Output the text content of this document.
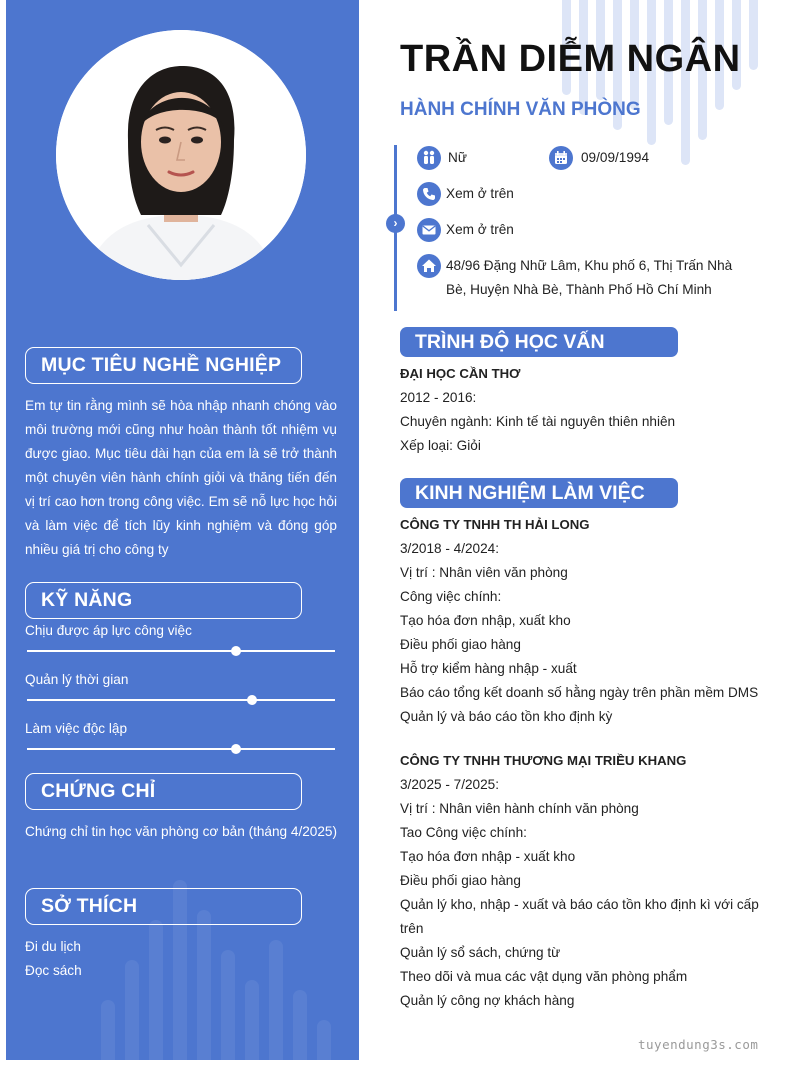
MỤC TIÊU NGHỀ NGHIỆP
Em tự tin rằng mình sẽ hòa nhập nhanh chóng vào môi trường mới cũng như hoàn thành tốt nhiệm vụ được giao. Mục tiêu dài hạn của em là sẽ trở thành một chuyên viên hành chính giỏi và thăng tiến đến vị trí cao hơn trong công việc. Em sẽ nỗ lực học hỏi và làm việc để tích lũy kinh nghiệm và đóng góp nhiều giá trị cho công ty
KỸ NĂNG
Chịu được áp lực công việc
Quản lý thời gian
Làm việc độc lập
CHỨNG CHỈ
Chứng chỉ tin học văn phòng cơ bản (tháng 4/2025)
SỞ THÍCH
Đi du lịch
Đọc sách
TRẦN DIỄM NGÂN
HÀNH CHÍNH VĂN PHÒNG
›
Nữ	09/09/1994
Xem ở trên
Xem ở trên
48/96 Đặng Nhữ Lâm, Khu phố 6, Thị Trấn Nhà
Bè, Huyện Nhà Bè, Thành Phố Hồ Chí Minh
TRÌNH ĐỘ HỌC VẤN
ĐẠI HỌC CẦN THƠ
2012 - 2016:
Chuyên ngành: Kinh tế tài nguyên thiên nhiên
Xếp loại: Giỏi
KINH NGHIỆM LÀM VIỆC
CÔNG TY TNHH TH HẢI LONG
3/2018 - 4/2024:
Vị trí : Nhân viên văn phòng
Công việc chính:
Tạo hóa đơn nhập, xuất kho
Điều phối giao hàng
Hỗ trợ kiểm hàng nhập - xuất
Báo cáo tổng kết doanh số hằng ngày trên phần mềm DMS
Quản lý và báo cáo tồn kho định kỳ
CÔNG TY TNHH THƯƠNG MẠI TRIỀU KHANG
3/2025 - 7/2025:
Vị trí : Nhân viên hành chính văn phòng
Tao Công việc chính:
Tạo hóa đơn nhập - xuất kho
Điều phối giao hàng
Quản lý kho, nhập - xuất và báo cáo tồn kho định kì với cấp
trên
Quản lý sổ sách, chứng từ
Theo dõi và mua các vật dụng văn phòng phẩm
Quản lý công nợ khách hàng
tuyendung3s.com
